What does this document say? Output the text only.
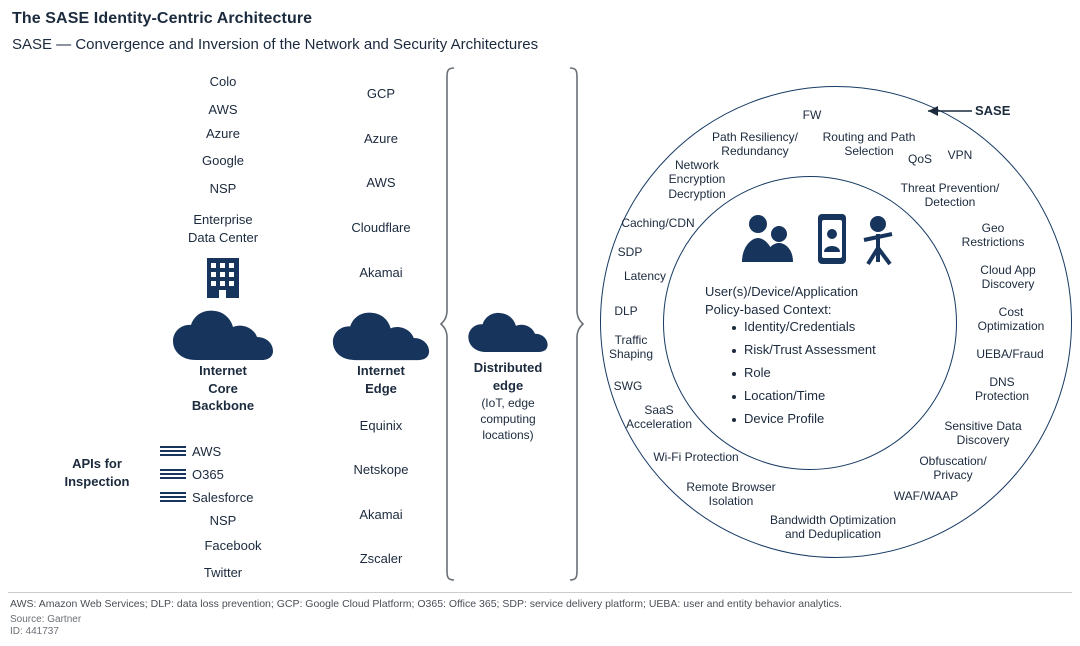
The SASE Identity-Centric Architecture
SASE — Convergence and Inversion of the Network and Security Architectures
Colo
AWS
Azure
Google
NSP
Enterprise
Data Center
Internet
Core
Backbone
APIs for
Inspection
AWS
O365
Salesforce
NSP
Facebook
Twitter
GCP
Azure
AWS
Cloudflare
Akamai
Internet
Edge
Equinix
Netskope
Akamai
Zscaler
Distributed
edge
(IoT, edge
computing
locations)
SASE
User(s)/Device/Application
Policy-based Context:
Identity/Credentials
Risk/Trust Assessment
Role
Location/Time
Device Profile
FW
Path Resiliency/
Redundancy
Routing and Path
Selection
QoS	VPN
Network
Encryption
Decryption	Threat Prevention/
Detection
Caching/CDN	Geo
Restrictions
SDP
Latency	Cloud App
Discovery
DLP	Cost
Optimization
Traffic
Shaping	UEBA/Fraud
SWG	DNS
Protection
SaaS
Acceleration	Sensitive Data
Discovery
Wi-Fi Protection	Obfuscation/
Privacy
Remote Browser
Isolation	WAF/WAAP
Bandwidth Optimization
and Deduplication
AWS: Amazon Web Services; DLP: data loss prevention; GCP: Google Cloud Platform; O365: Office 365; SDP: service delivery platform; UEBA: user and entity behavior analytics.
Source: Gartner
ID: 441737
